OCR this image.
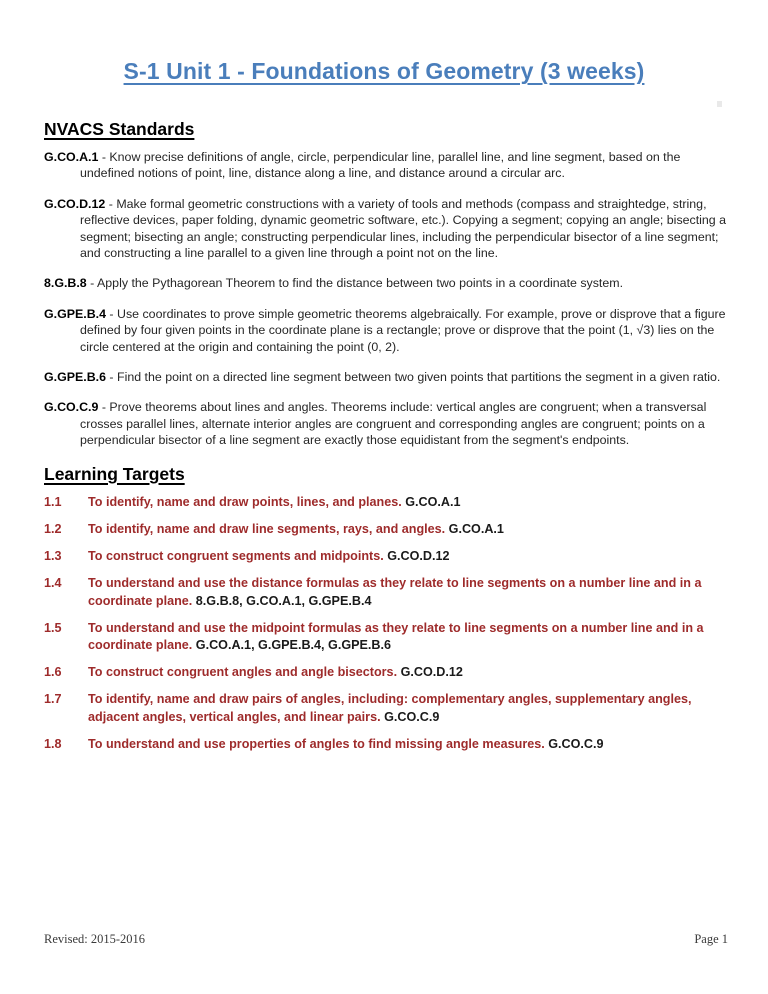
S-1 Unit 1 - Foundations of Geometry (3 weeks)
NVACS Standards
G.CO.A.1 - Know precise definitions of angle, circle, perpendicular line, parallel line, and line segment, based on the undefined notions of point, line, distance along a line, and distance around a circular arc.
G.CO.D.12 - Make formal geometric constructions with a variety of tools and methods (compass and straightedge, string, reflective devices, paper folding, dynamic geometric software, etc.). Copying a segment; copying an angle; bisecting a segment; bisecting an angle; constructing perpendicular lines, including the perpendicular bisector of a line segment; and constructing a line parallel to a given line through a point not on the line.
8.G.B.8 - Apply the Pythagorean Theorem to find the distance between two points in a coordinate system.
G.GPE.B.4 - Use coordinates to prove simple geometric theorems algebraically. For example, prove or disprove that a figure defined by four given points in the coordinate plane is a rectangle; prove or disprove that the point (1, √3) lies on the circle centered at the origin and containing the point (0, 2).
G.GPE.B.6 - Find the point on a directed line segment between two given points that partitions the segment in a given ratio.
G.CO.C.9 - Prove theorems about lines and angles. Theorems include: vertical angles are congruent; when a transversal crosses parallel lines, alternate interior angles are congruent and corresponding angles are congruent; points on a perpendicular bisector of a line segment are exactly those equidistant from the segment's endpoints.
Learning Targets
1.1	To identify, name and draw points, lines, and planes. G.CO.A.1
1.2	To identify, name and draw line segments, rays, and angles. G.CO.A.1
1.3	To construct congruent segments and midpoints. G.CO.D.12
1.4	To understand and use the distance formulas as they relate to line segments on a number line and in a coordinate plane. 8.G.B.8, G.CO.A.1, G.GPE.B.4
1.5	To understand and use the midpoint formulas as they relate to line segments on a number line and in a coordinate plane. G.CO.A.1, G.GPE.B.4, G.GPE.B.6
1.6	To construct congruent angles and angle bisectors. G.CO.D.12
1.7	To identify, name and draw pairs of angles, including: complementary angles, supplementary angles, adjacent angles, vertical angles, and linear pairs. G.CO.C.9
1.8	To understand and use properties of angles to find missing angle measures. G.CO.C.9
Revised: 2015-2016	Page 1
